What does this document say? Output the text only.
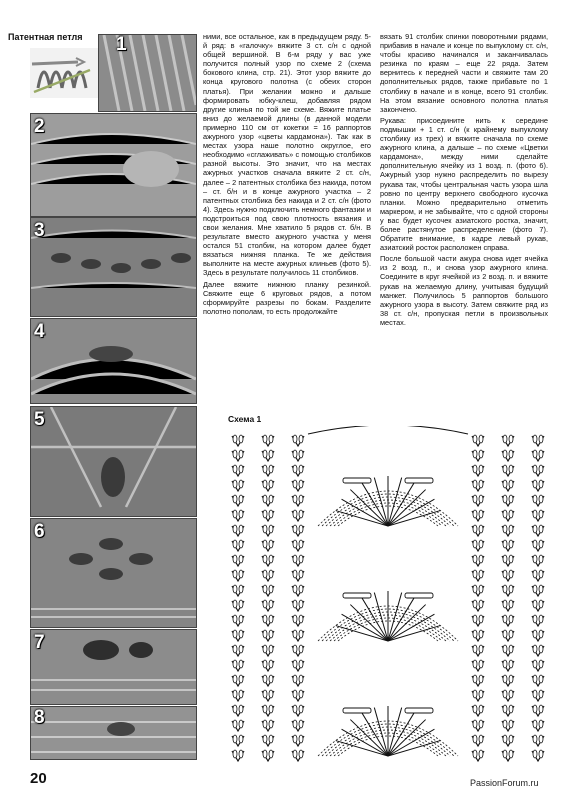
Патентная петля 1
2
3
4
5
6
7
8

ними, все остальное, как в предыдущем ряду. 5-й ряд: в «галочку» вяжите 3 ст. с/н с одной общей вершиной. В 6-м ряду у вас уже получится полный узор по схеме 2 (схема бокового клина, стр. 21). Этот узор вяжите до конца кругового полотна (с обеих сторон платья). При желании можно и дальше формировать юбку-клеш, добавляя рядом другие клинья по той же схеме. Вяжите платье вниз до желаемой длины (в данной модели примерно 110 см от кокетки = 16 раппортов ажурного узор «цветы кардамона»). Так как в местах узора наше полотно округлое, его необходимо «сглаживать» с помощью столбиков разной высоты. Это значит, что на местах ажурных участков сначала вяжите 2 ст. с/н, далее – 2 патентных столбика без накида, потом – ст. б/н и в конце ажурного участка – 2 патентных столбика без накида и 2 ст. с/н (фото 4). Здесь нужно подключить немного фантазии и подстроиться под свою плотность вязания и свои желания. Мне хватило 5 рядов ст. б/н. В результате вместо ажурного участка у меня остался 51 столбик, на котором далее будет вязаться нижняя планка. Те же действия выполните на месте ажурных клиньев (фото 5). Здесь в результате получилось 11 столбиков.

Далее вяжите нижнюю планку резинкой. Свяжите еще 6 круговых рядов, а потом сформируйте разрезы по бокам. Разделите полотно пополам, то есть продолжайте

вязать 91 столбик спинки поворотными рядами, прибавив в начале и конце по выпуклому ст. с/н, чтобы красиво начинался и заканчивалась резинка по краям – еще 22 ряда. Затем вернитесь к передней части и свяжите там 20 дополнительных рядов, также прибавьте по 1 столбику в начале и в конце, всего 91 столбик. На этом вязание основного полотна платья закончено.

Рукава: присоедините нить к середине подмышки + 1 ст. с/н (к крайнему выпуклому столбику из трех) и вяжите сначала по схеме ажурного клина, а дальше – по схеме «Цветки кардамона», между ними сделайте дополнительную ячейку из 1 возд. п. (фото 6). Ажурный узор нужно распределить по вырезу рукава так, чтобы центральная часть узора шла ровно по центру верхнего свободного кусочка планки. Можно предварительно отметить маркером, и не забывайте, что с одной стороны у вас будет кусочек азиатского ростка, значит, более растянутое распределение (фото 7). Обратите внимание, в кадре левый рукав, азиатский росток расположен справа.

После большой части ажура снова идет ячейка из 2 возд. п., и снова узор ажурного клина. Соедините в круг ячейкой из 2 возд. п. и вяжите рукав на желаемую длину, учитывая будущий манжет. Получилось 5 раппортов большого ажурного узора в высоту. Затем свяжите ряд из 38 ст. с/н, пропуская петли в произвольных местах.

Схема 1
20	PassionForum.ru
